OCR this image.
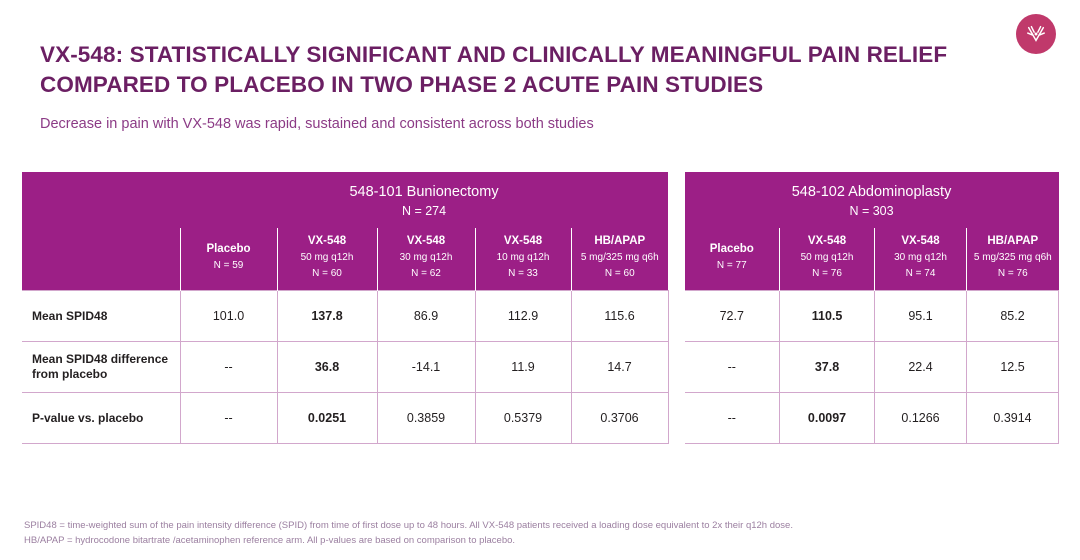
VX-548: STATISTICALLY SIGNIFICANT AND CLINICALLY MEANINGFUL PAIN RELIEF COMPARED TO PLACEBO IN TWO PHASE 2 ACUTE PAIN STUDIES
Decrease in pain with VX-548 was rapid, sustained and consistent across both studies
	548-101 Bunionectomy
N = 274				

	Placebo
N = 59	VX-548
50 mg q12h
N = 60	VX-548
30 mg q12h
N = 62	VX-548
10 mg q12h
N = 33	HB/APAP
5 mg/325 mg q6h
N = 60

Mean SPID48	101.0	137.8	86.9	112.9	115.6
Mean SPID48 difference from placebo	--	36.8	-14.1	11.9	14.7
P-value vs. placebo	--	0.0251	0.3859	0.5379	0.3706
548-102 Abdominoplasty
N = 303			

Placebo
N = 77	VX-548
50 mg q12h
N = 76	VX-548
30 mg q12h
N = 74	HB/APAP
5 mg/325 mg q6h
N = 76

72.7	110.5	95.1	85.2
--	37.8	22.4	12.5
--	0.0097	0.1266	0.3914
SPID48 = time-weighted sum of the pain intensity difference (SPID) from time of first dose up to 48 hours. All VX-548 patients received a loading dose equivalent to 2x their q12h dose.
HB/APAP = hydrocodone bitartrate /acetaminophen reference arm. All p-values are based on comparison to placebo.
